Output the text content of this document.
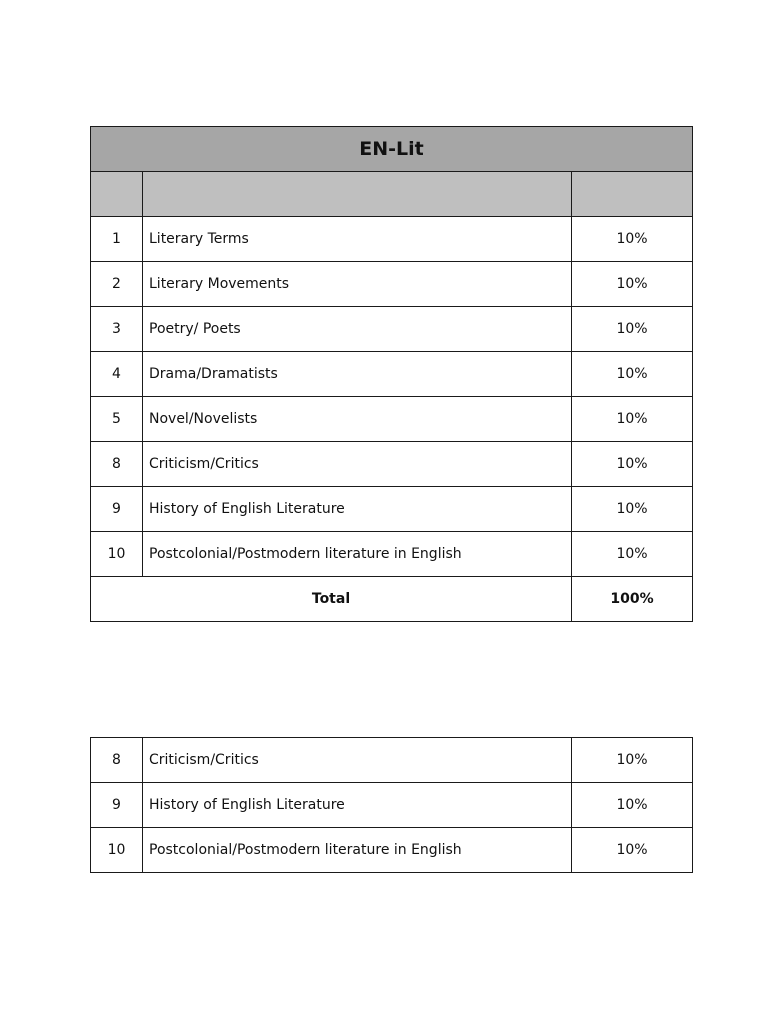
EN-Lit		

1	Literary Terms	10%
2	Literary Movements	10%
3	Poetry/ Poets	10%
4	Drama/Dramatists	10%
5	Novel/Novelists	10%
8	Criticism/Critics	10%
9	History of English Literature	10%
10	Postcolonial/Postmodern literature in English	10%
Total		100%
8	Criticism/Critics	10%
9	History of English Literature	10%
10	Postcolonial/Postmodern literature in English	10%
